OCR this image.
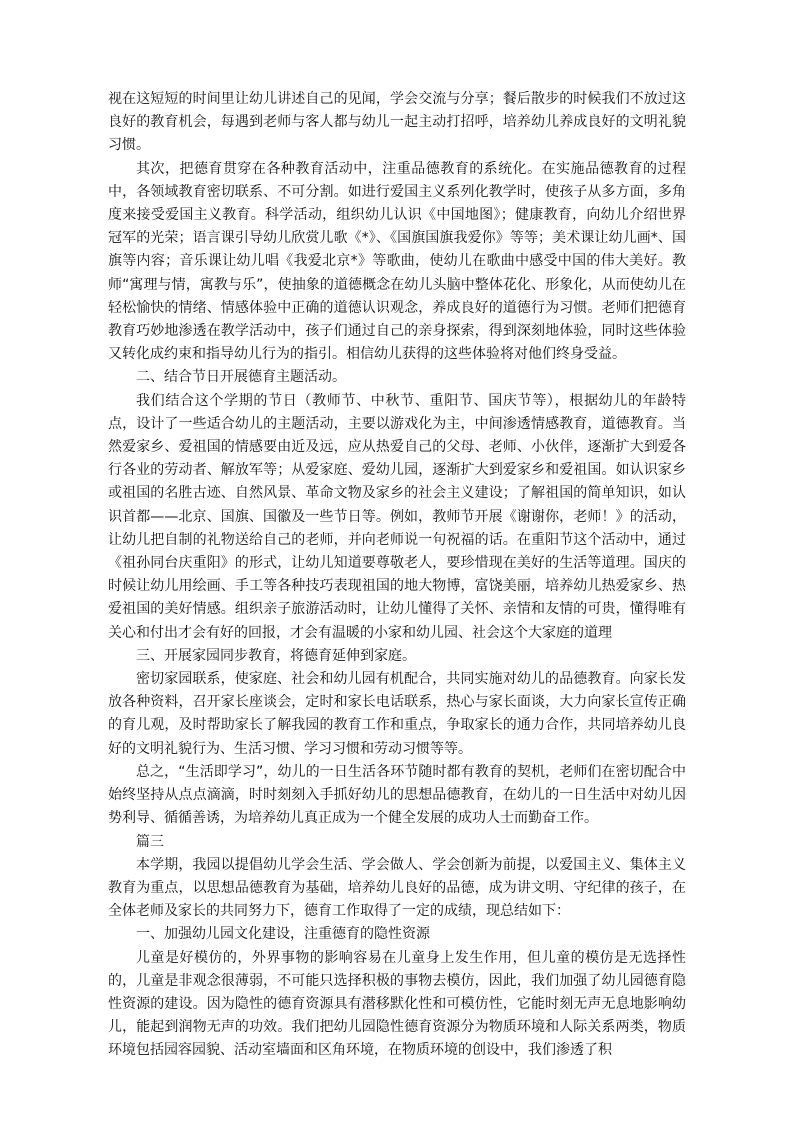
视在这短短的时间里让幼儿讲述自己的见闻，学会交流与分享；餐后散步的时候我们不放过这良好的教育机会，每遇到老师与客人都与幼儿一起主动打招呼，培养幼儿养成良好的文明礼貌习惯。

其次，把德育贯穿在各种教育活动中，注重品德教育的系统化。在实施品德教育的过程中，各领域教育密切联系、不可分割。如进行爱国主义系列化教学时，使孩子从多方面，多角度来接受爱国主义教育。科学活动，组织幼儿认识《中国地图》；健康教育，向幼儿介绍世界冠军的光荣；语言课引导幼儿欣赏儿歌《*》、《国旗国旗我爱你》等等；美术课让幼儿画*、国旗等内容；音乐课让幼儿唱《我爱北京*》等歌曲，使幼儿在歌曲中感受中国的伟大美好。教师“寓理与情，寓教与乐”，使抽象的道德概念在幼儿头脑中整体花化、形象化，从而使幼儿在轻松愉快的情绪、情感体验中正确的道德认识观念，养成良好的道德行为习惯。老师们把德育教育巧妙地渗透在教学活动中，孩子们通过自己的亲身探索，得到深刻地体验，同时这些体验又转化成约束和指导幼儿行为的指引。相信幼儿获得的这些体验将对他们终身受益。

二、结合节日开展德育主题活动。

我们结合这个学期的节日（教师节、中秋节、重阳节、国庆节等），根据幼儿的年龄特点，设计了一些适合幼儿的主题活动，主要以游戏化为主，中间渗透情感教育，道德教育。当然爱家乡、爱祖国的情感要由近及远，应从热爱自己的父母、老师、小伙伴，逐渐扩大到爱各行各业的劳动者、解放军等；从爱家庭、爱幼儿园，逐渐扩大到爱家乡和爱祖国。如认识家乡或祖国的名胜古迹、自然风景、革命文物及家乡的社会主义建设；了解祖国的简单知识，如认识首都——北京、国旗、国徽及一些节日等。例如，教师节开展《谢谢你，老师！》的活动，让幼儿把自制的礼物送给自己的老师，并向老师说一句祝福的话。在重阳节这个活动中，通过《祖孙同台庆重阳》的形式，让幼儿知道要尊敬老人，要珍惜现在美好的生活等道理。国庆的时候让幼儿用绘画、手工等各种技巧表现祖国的地大物博，富饶美丽，培养幼儿热爱家乡、热爱祖国的美好情感。组织亲子旅游活动时，让幼儿懂得了关怀、亲情和友情的可贵，懂得唯有关心和付出才会有好的回报，才会有温暖的小家和幼儿园、社会这个大家庭的道理

三、开展家园同步教育，将德育延伸到家庭。

密切家园联系，使家庭、社会和幼儿园有机配合，共同实施对幼儿的品德教育。向家长发放各种资料，召开家长座谈会，定时和家长电话联系，热心与家长面谈，大力向家长宣传正确的育儿观，及时帮助家长了解我园的教育工作和重点，争取家长的通力合作，共同培养幼儿良好的文明礼貌行为、生活习惯、学习习惯和劳动习惯等等。

总之，“生活即学习”，幼儿的一日生活各环节随时都有教育的契机，老师们在密切配合中始终坚持从点点滴滴，时时刻刻入手抓好幼儿的思想品德教育，在幼儿的一日生活中对幼儿因势利导、循循善诱，为培养幼儿真正成为一个健全发展的成功人士而勤奋工作。

篇三

本学期，我园以提倡幼儿学会生活、学会做人、学会创新为前提，以爱国主义、集体主义教育为重点，以思想品德教育为基础，培养幼儿良好的品德，成为讲文明、守纪律的孩子，在全体老师及家长的共同努力下，德育工作取得了一定的成绩，现总结如下：

一、加强幼儿园文化建设，注重德育的隐性资源

儿童是好模仿的，外界事物的影响容易在儿童身上发生作用，但儿童的模仿是无选择性的，儿童是非观念很薄弱，不可能只选择积极的事物去模仿，因此，我们加强了幼儿园德育隐性资源的建设。因为隐性的德育资源具有潜移默化性和可模仿性，它能时刻无声无息地影响幼儿，能起到润物无声的功效。我们把幼儿园隐性德育资源分为物质环境和人际关系两类，物质环境包括园容园貌、活动室墙面和区角环境，在物质环境的创设中，我们渗透了积
